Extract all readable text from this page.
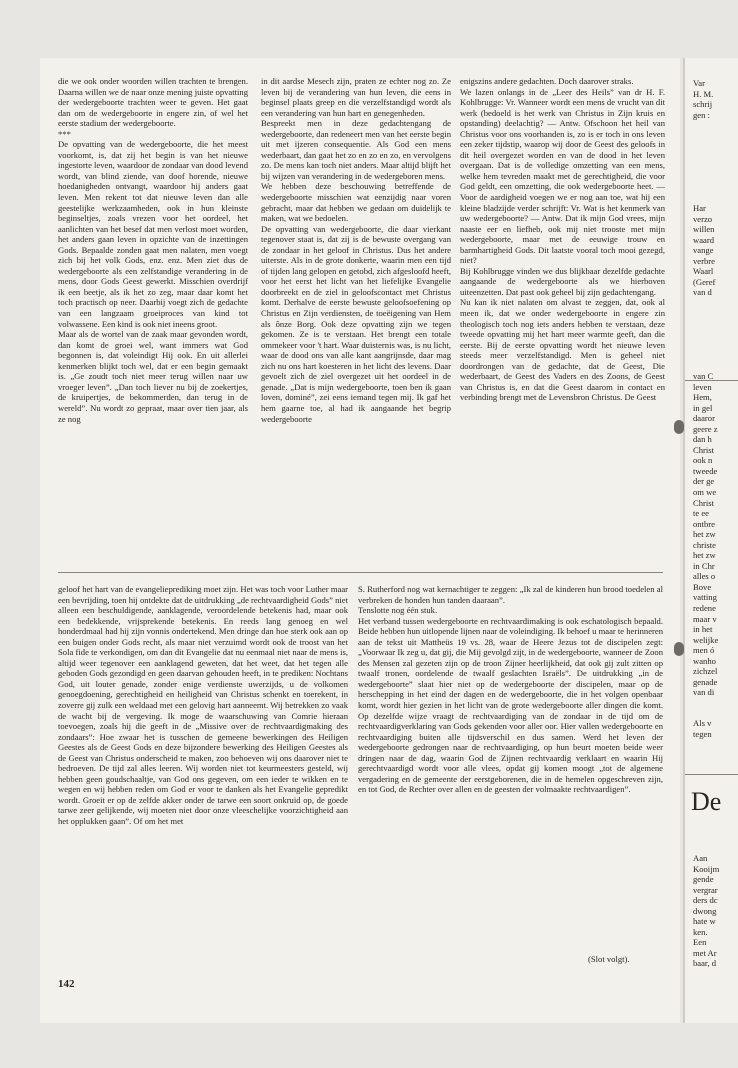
die we ook onder woorden willen trachten te brengen. Daarna willen we de naar onze mening juiste opvatting der wedergeboorte trachten weer te geven. Het gaat dan om de wedergeboorte in engere zin, of wel het eerste stadium der wedergeboorte.
***
De opvatting van de wedergeboorte, die het meest voorkomt, is, dat zij het begin is van het nieuwe ingestorte leven, waardoor de zondaar van dood levend wordt, van blind ziende, van doof horende, nieuwe hoedanigheden ontvangt, waardoor hij anders gaat leven. Men rekent tot dat nieuwe leven dan alle geestelijke werkzaamheden, ook in hun kleinste beginseltjes, zoals vrezen voor het oordeel, het aanlichten van het besef dat men verlost moet worden, het anders gaan leven in opzichte van de inzettingen Gods. Bepaalde zonden gaat men nalaten, men voegt zich bij het volk Gods, enz. enz. Men ziet dus de wedergeboorte als een zelfstandige verandering in de mens, door Gods Geest gewerkt. Misschien overdrijf ik een beetje, als ik het zo zeg, maar daar komt het toch practisch op neer. Daarbij voegt zich de gedachte van een langzaam groeiproces van kind tot volwassene. Een kind is ook niet ineens groot.
Maar als de wortel van de zaak maar gevonden wordt, dan komt de groei wel, want immers wat God begonnen is, dat voleindigt Hij ook. En uit allerlei kenmerken blijkt toch wel, dat er een begin gemaakt is. „Ge zoudt toch niet meer terug willen naar uw vroeger leven”. „Dan toch liever nu bij de zoekertjes, de kruipertjes, de bekommerden, dan terug in de wereld”. Nu wordt zo gepraat, maar over tien jaar, als ze nog
in dit aardse Mesech zijn, praten ze echter nog zo. Ze leven bij de verandering van hun leven, die eens in beginsel plaats greep en die verzelfstandigd wordt als een verandering van hun hart en genegenheden.
Bespreekt men in deze gedachtengang de wedergeboorte, dan redeneert men van het eerste begin uit met ijzeren consequentie. Als God een mens wederbaart, dan gaat het zo en zo en zo, en vervolgens zo. De mens kan toch niet anders. Maar altijd blijft het bij wijzen van verandering in de wedergeboren mens.
We hebben deze beschouwing betreffende de wedergeboorte misschien wat eenzijdig naar voren gebracht, maar dat hebben we gedaan om duidelijk te maken, wat we bedoelen.
De opvatting van wedergeboorte, die daar vierkant tegenover staat is, dat zij is de bewuste overgang van de zondaar in het geloof in Christus. Dus het andere uiterste. Als in de grote donkerte, waarin men een tijd of tijden lang gelopen en getobd, zich afgesloofd heeft, voor het eerst het licht van het liefelijke Evangelie doorbreekt en de ziel in geloofscontact met Christus komt. Derhalve de eerste bewuste geloofsoefening op Christus en Zijn verdiensten, de toeëigening van Hem als ônze Borg. Ook deze opvatting zijn we tegen gekomen. Ze is te verstaan. Het brengt een totale ommekeer voor 't hart. Waar duisternis was, is nu licht, waar de dood ons van alle kant aangrijnsde, daar mag zich nu ons hart koesteren in het licht des levens. Daar gevoelt zich de ziel overgezet uit het oordeel in de genade. „Dat is mijn wedergeboorte, toen ben ik gaan loven, dominé”, zei eens iemand tegen mij. Ik gaf het hem gaarne toe, al had ik aangaande het begrip wedergeboorte
enigszins andere gedachten. Doch daarover straks.
We lazen onlangs in de „Leer des Heils” van dr H. F. Kohlbrugge: Vr. Wanneer wordt een mens de vrucht van dit werk (bedoeld is het werk van Christus in Zijn kruis en opstanding) deelachtig? — Antw. Ofschoon het heil van Christus voor ons voorhanden is, zo is er toch in ons leven een zeker tijdstip, waarop wij door de Geest des geloofs in dit heil overgezet worden en van de dood in het leven overgaan. Dat is de volledige omzetting van een mens, welke hem tevreden maakt met de gerechtigheid, die voor God geldt, een omzetting, die ook wedergeboorte heet. — Voor de aardigheid voegen we er nog aan toe, wat hij een kleine bladzijde verder schrijft: Vr. Wat is het kenmerk van uw wedergeboorte? — Antw. Dat ik mijn God vrees, mijn naaste eer en liefheb, ook mij niet trooste met mijn wedergeboorte, maar met de eeuwige trouw en barmhartigheid Gods. Dit laatste vooral toch mooi gezegd, niet?
Bij Kohlbrugge vinden we dus blijkbaar dezelfde gedachte aangaande de wedergeboorte als we hierboven uiteenzetten. Dat past ook geheel bij zijn gedachtengang.
Nu kan ik niet nalaten om alvast te zeggen, dat, ook al meen ik, dat we onder wedergeboorte in engere zin theologisch toch nog iets anders hebben te verstaan, deze tweede opvatting mij het hart meer warmte geeft, dan die eerste. Bij de eerste opvatting wordt het nieuwe leven steeds meer verzelfstandigd. Men is geheel niet doordrongen van de gedachte, dat de Geest, Die wederbaart, de Geest des Vaders en des Zoons, de Geest van Christus is, en dat die Geest daarom in contact en verbinding brengt met de Levensbron Christus. De Geest
geloof het hart van de evangelieprediking moet zijn. Het was toch voor Luther maar een bevrijding, toen hij ontdekte dat de uitdrukking „de rechtvaardigheid Gods” niet alleen een beschuldigende, aanklagende, veroordelende betekenis had, maar ook een bedekkende, vrijsprekende betekenis. En reeds lang genoeg en wel honderdmaal had hij zijn vonnis ondertekend. Men dringe dan hoe sterk ook aan op een buigen onder Gods recht, als maar niet verzuimd wordt ook de troost van het Sola fide te verkondigen, om dan dit Evangelie dat nu eenmaal niet naar de mens is, altijd weer tegenover een aanklagend geweten, dat het weet, dat het tegen alle geboden Gods gezondigd en geen daarvan gehouden heeft, in te prediken: Nochtans God, uit louter genade, zonder enige verdienste uwerzijds, u de volkomen genoegdoening, gerechtigheid en heiligheid van Christus schenkt en toerekent, in zoverre gij zulk een weldaad met een gelovig hart aanneemt. Wij betrekken zo vaak de wacht bij de vergeving. Ik moge de waarschuwing van Comrie hieraan toevoegen, zoals hij die geeft in de „Missive over de rechtvaardigmaking des zondaars”: Hoe zwaar het is tusschen de gemeene bewerkingen des Heiligen Geestes als de Geest Gods en deze bijzondere bewerking des Heiligen Geestes als de Geest van Christus onderscheid te maken, zoo behoeven wij ons daarover niet te bedroeven. De tijd zal alles leeren. Wij worden niet tot keurmeesters gesteld, wij hebben geen goudschaaltje, van God ons gegeven, om een ieder te wikken en te wegen en wij hebben reden om God er voor te danken als het Evangelie gepredikt wordt. Groeit er op de zelfde akker onder de tarwe een soort onkruid op, de goede tarwe zeer gelijkende, wij moeten niet door onze vleeschelijke voorzichtigheid aan het opplukken gaan”. Of om het met
S. Rutherford nog wat kernachtiger te zeggen: „Ik zal de kinderen hun brood toedelen al verbreken de honden hun tanden daaraan”.
Tenslotte nog één stuk.
Het verband tussen wedergeboorte en rechtvaardimaking is ook eschatologisch bepaald. Beide hebben hun uitlopende lijnen naar de voleindiging. Ik behoef u maar te herinneren aan de tekst uit Mattheüs 19 vs. 28, waar de Heere Jezus tot de discipelen zegt: „Voorwaar Ik zeg u, dat gij, die Mij gevolgd zijt, in de wedergeboorte, wanneer de Zoon des Mensen zal gezeten zijn op de troon Zijner heerlijkheid, dat ook gij zult zitten op twaalf tronen, oordelende de twaalf geslachten Israëls”. De uitdrukking „in de wedergeboorte” slaat hier niet op de wedergeboorte der discipelen, maar op de herschepping in het eind der dagen en de wedergeboorte, die in het volgen openbaar komt, wordt hier gezien in het licht van de grote wedergeboorte aller dingen die komt. Op dezelfde wijze vraagt de rechtvaardiging van de zondaar in de tijd om de rechtvaardigverklaring van Gods gekenden voor aller oor. Hier vallen wedergeboorte en rechtvaardiging buiten alle tijdsverschil en dus samen. Werd het leven der wedergeboorte gedrongen naar de rechtvaardiging, op hun beurt moeten beide weer dringen naar de dag, waarin God de Zijnen rechtvaardig verklaart en waarin Hij gerechtvaardigd wordt voor alle vlees, opdat gij komen moogt „tot de algemene vergadering en de gemeente der eerstgeborenen, die in de hemelen opgeschreven zijn, en tot God, de Rechter over allen en de geesten der volmaakte rechtvaardigen”.
(Slot volgt).
142
Var
H. M.
schrij
gen :
Har
verzo
willen
waard
vange
verbre
Waarl
(Geref
van d
van C
leven
Hem,
in gel
daaror
geere z
dan h
Christ
ook n
tweede
der ge
om we
Christ
te ee
ontbre
het zw
christe
het zw
in Chr
alles o
Bove
vatting
redene
maar v
in het
welijke
men ó
wanho
zichzel
genade
van di
Als v
tegen
De
Aan
Kooijm
gende
vergrar
ders dc
dwong
hate w
ken.
Een
met Ar
baar, d
